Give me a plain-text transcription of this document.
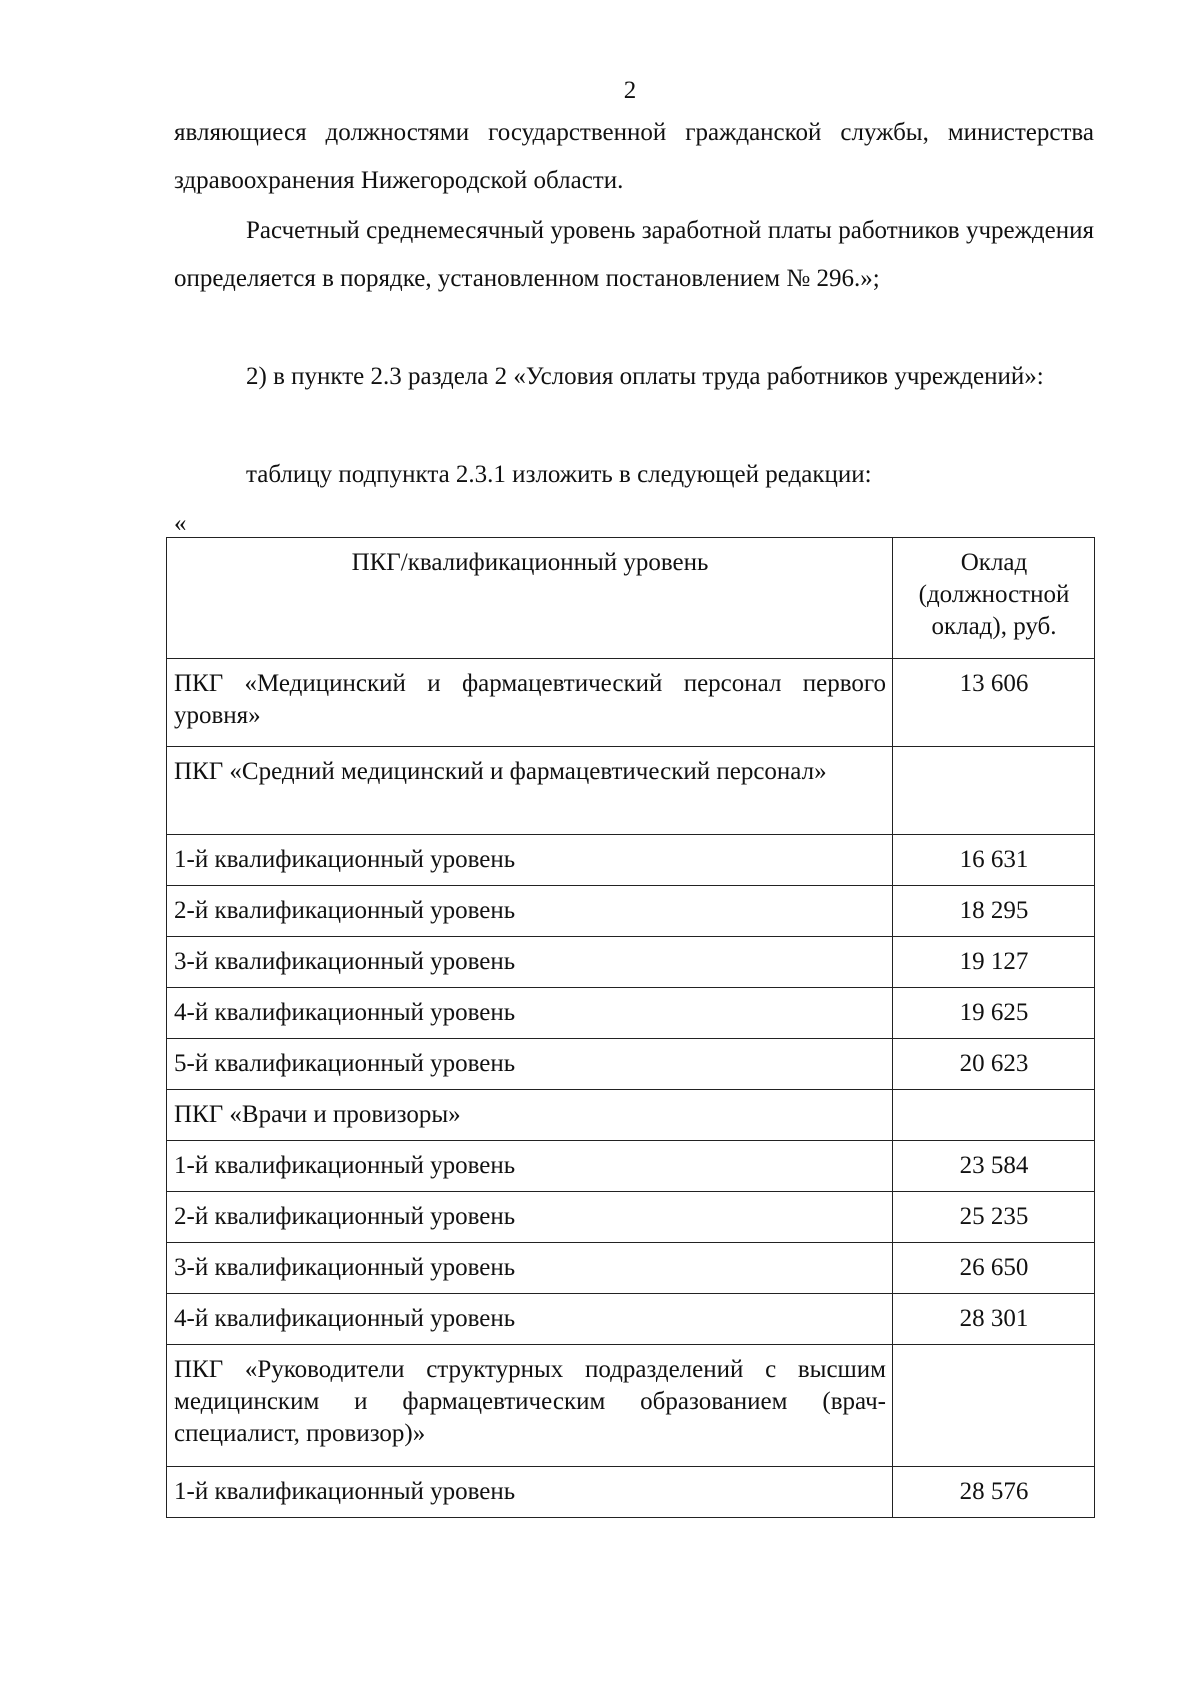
2

являющиеся должностями государственной гражданской службы, министерства здравоохранения Нижегородской области.

Расчетный среднемесячный уровень заработной платы работников учреждения определяется в порядке, установленном постановлением № 296.»;

2) в пункте 2.3 раздела 2 «Условия оплаты труда работников учреждений»:

таблицу подпункта 2.3.1 изложить в следующей редакции:

«
ПКГ/квалификационный уровень	Оклад (должностной оклад), руб.
ПКГ «Медицинский и фармацевтический персонал первого уровня»	13 606
ПКГ «Средний медицинский и фармацевтический персонал»	
1-й квалификационный уровень	16 631
2-й квалификационный уровень	18 295
3-й квалификационный уровень	19 127
4-й квалификационный уровень	19 625
5-й квалификационный уровень	20 623
ПКГ «Врачи и провизоры»	
1-й квалификационный уровень	23 584
2-й квалификационный уровень	25 235
3-й квалификационный уровень	26 650
4-й квалификационный уровень	28 301
ПКГ «Руководители структурных подразделений с высшим медицинским и фармацевтическим образованием (врач-специалист, провизор)»	
1-й квалификационный уровень	28 576
